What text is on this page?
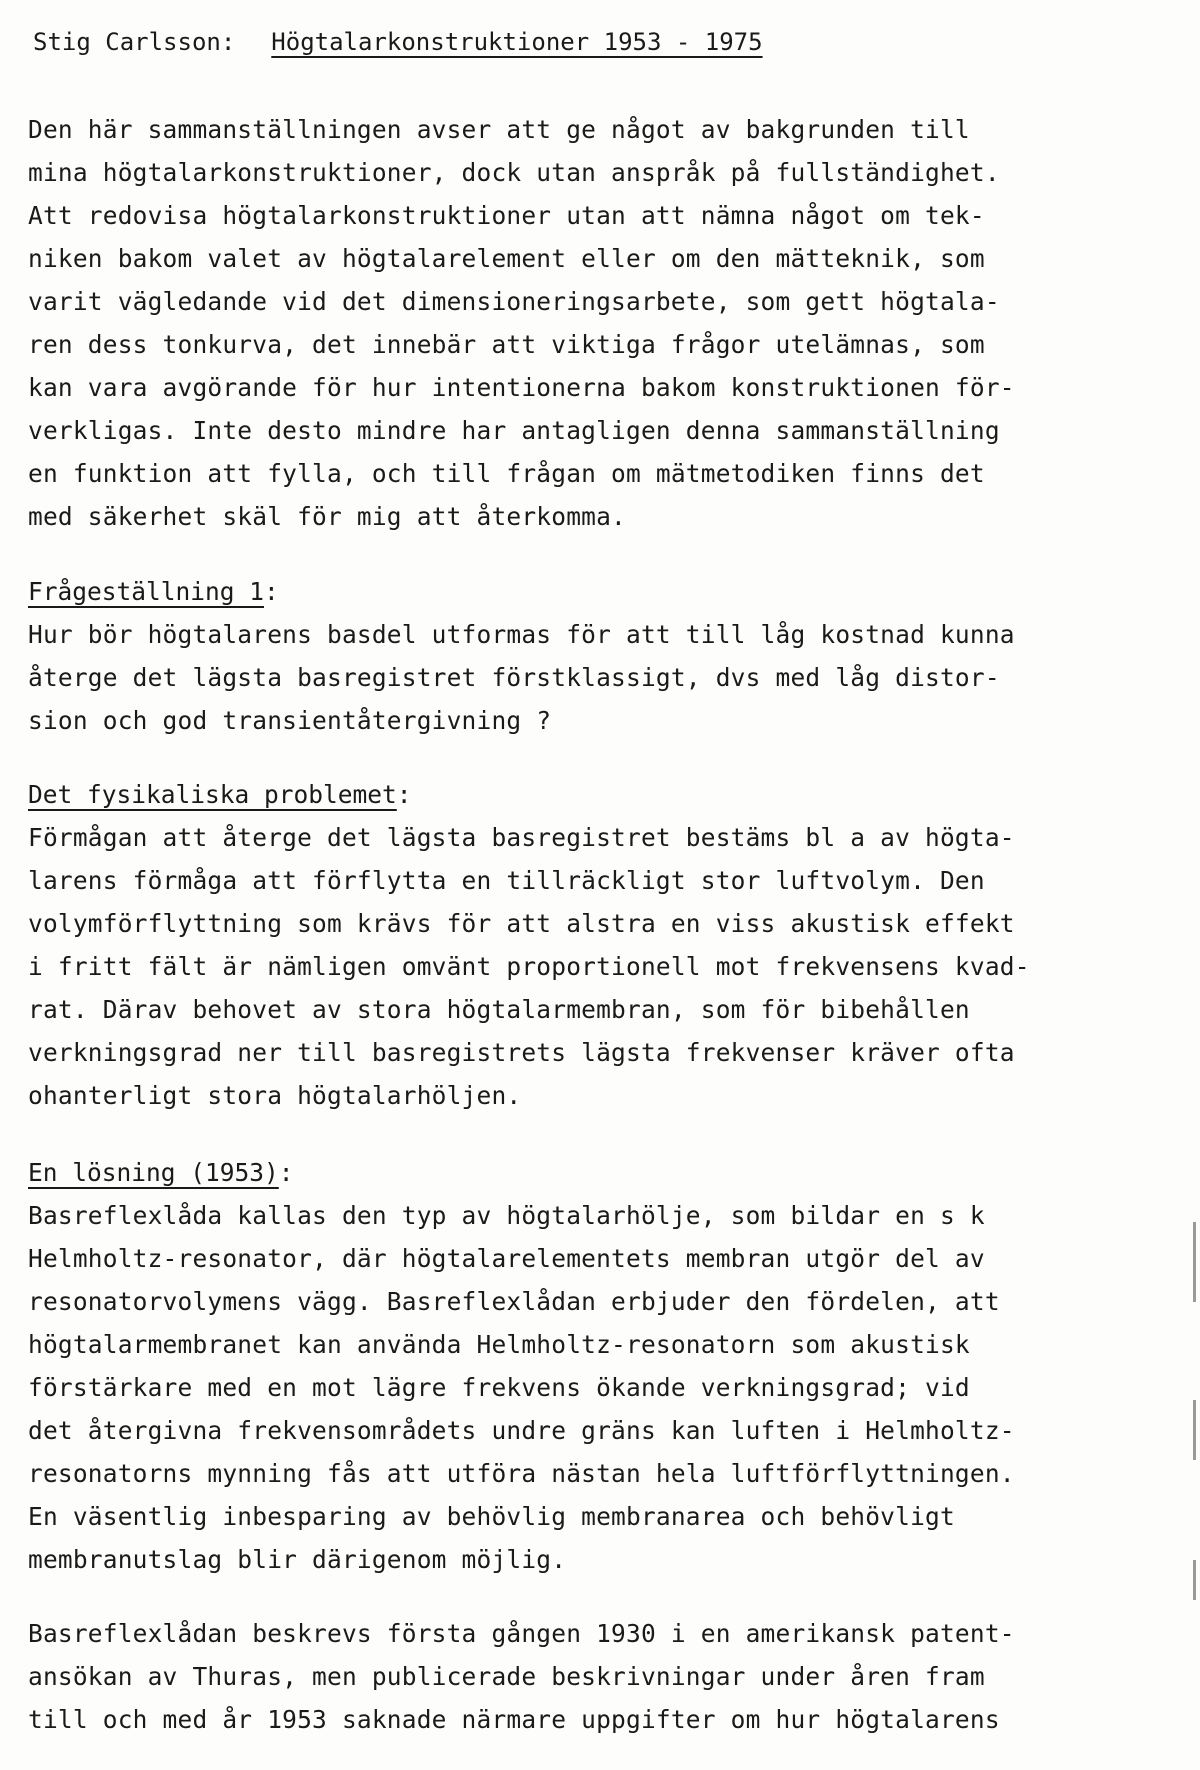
Stig Carlsson: Högtalarkonstruktioner 1953 - 1975
Den här sammanställningen avser att ge något av bakgrunden till
mina högtalarkonstruktioner, dock utan anspråk på fullständighet.
Att redovisa högtalarkonstruktioner utan att nämna något om tek-
niken bakom valet av högtalarelement eller om den mätteknik, som
varit vägledande vid det dimensioneringsarbete, som gett högtala-
ren dess tonkurva, det innebär att viktiga frågor utelämnas, som
kan vara avgörande för hur intentionerna bakom konstruktionen för-
verkligas. Inte desto mindre har antagligen denna sammanställning
en funktion att fylla, och till frågan om mätmetodiken finns det
med säkerhet skäl för mig att återkomma.
Frågeställning 1:
Hur bör högtalarens basdel utformas för att till låg kostnad kunna
återge det lägsta basregistret förstklassigt, dvs med låg distor-
sion och god transientåtergivning ?
Det fysikaliska problemet:
Förmågan att återge det lägsta basregistret bestäms bl a av högta-
larens förmåga att förflytta en tillräckligt stor luftvolym. Den
volymförflyttning som krävs för att alstra en viss akustisk effekt
i fritt fält är nämligen omvänt proportionell mot frekvensens kvad-
rat. Därav behovet av stora högtalarmembran, som för bibehållen
verkningsgrad ner till basregistrets lägsta frekvenser kräver ofta
ohanterligt stora högtalarhöljen.
En lösning (1953):
Basreflexlåda kallas den typ av högtalarhölje, som bildar en s k
Helmholtz-resonator, där högtalarelementets membran utgör del av
resonatorvolymens vägg. Basreflexlådan erbjuder den fördelen, att
högtalarmembranet kan använda Helmholtz-resonatorn som akustisk
förstärkare med en mot lägre frekvens ökande verkningsgrad; vid
det återgivna frekvensområdets undre gräns kan luften i Helmholtz-
resonatorns mynning fås att utföra nästan hela luftförflyttningen.
En väsentlig inbesparing av behövlig membranarea och behövligt
membranutslag blir därigenom möjlig.
Basreflexlådan beskrevs första gången 1930 i en amerikansk patent-
ansökan av Thuras, men publicerade beskrivningar under åren fram
till och med år 1953 saknade närmare uppgifter om hur högtalarens
